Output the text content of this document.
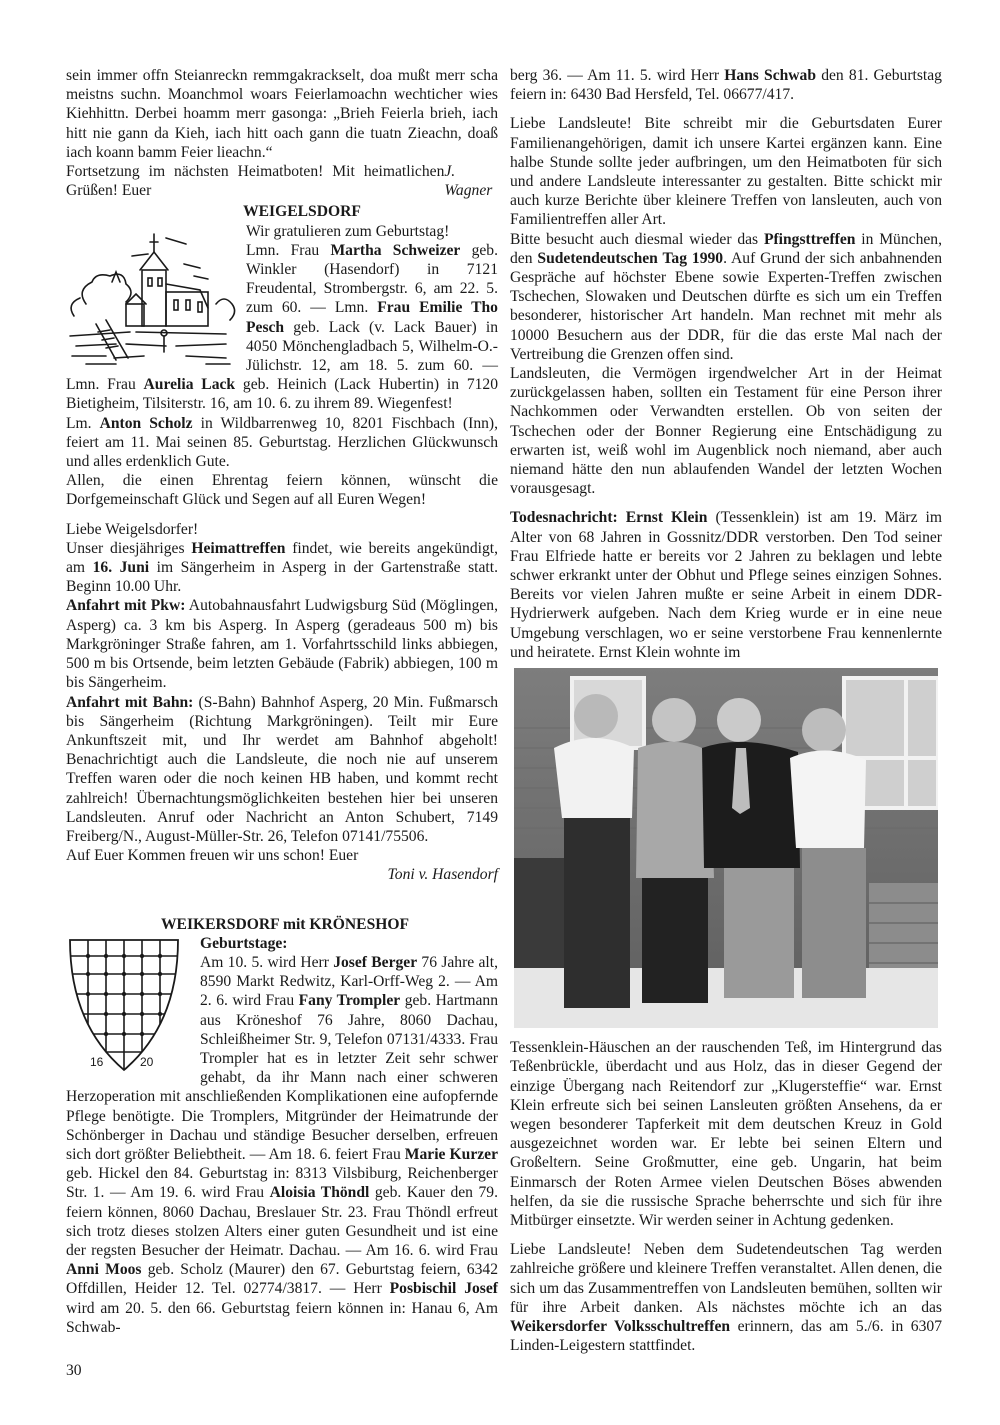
sein immer offn Steianreckn remmgakrackselt, doa mußt merr scha meistns suchn. Moanchmol woars Feierlamoachn wechticher wies Kiehhittn. Derbei hoamm merr gasonga: „Brieh Feierla brieh, iach hitt nie gann da Kieh, iach hitt oach gann die tuatn Zieachn, doaß iach koann bamm Feier lieachn.“

Fortsetzung im nächsten Heimatboten! Mit heimatlichen Grüßen! Euer
J. Wagner

WEIGELSDORF

Wir gratulieren zum Geburtstag!

Lmn. Frau Martha Schweizer geb. Winkler (Hasendorf) in 7121 Freudental, Strombergstr. 6, am 22. 5. zum 60. — Lmn. Frau Emilie Tho Pesch geb. Lack (v. Lack Bauer) in 4050 Mönchengladbach 5, Wilhelm-O.-Jülichstr. 12, am 18. 5. zum 60. — Lmn. Frau Aurelia Lack geb. Heinich (Lack Hubertin) in 7120 Bietigheim, Tilsiterstr. 16, am 10. 6. zu ihrem 89. Wiegenfest!

Lm. Anton Scholz in Wildbarrenweg 10, 8201 Fischbach (Inn), feiert am 11. Mai seinen 85. Geburtstag. Herzlichen Glückwunsch und alles erdenklich Gute.

Allen, die einen Ehrentag feiern können, wünscht die Dorfgemeinschaft Glück und Segen auf all Euren Wegen!

Liebe Weigelsdorfer!

Unser diesjähriges Heimattreffen findet, wie bereits angekündigt, am 16. Juni im Sängerheim in Asperg in der Gartenstraße statt. Beginn 10.00 Uhr.

Anfahrt mit Pkw: Autobahnausfahrt Ludwigsburg Süd (Möglingen, Asperg) ca. 3 km bis Asperg. In Asperg (geradeaus 500 m) bis Markgröninger Straße fahren, am 1. Vorfahrtsschild links abbiegen, 500 m bis Ortsende, beim letzten Gebäude (Fabrik) abbiegen, 100 m bis Sängerheim.

Anfahrt mit Bahn: (S-Bahn) Bahnhof Asperg, 20 Min. Fußmarsch bis Sängerheim (Richtung Markgröningen). Teilt mir Eure Ankunftszeit mit, und Ihr werdet am Bahnhof abgeholt! Benachrichtigt auch die Landsleute, die noch nie auf unserem Treffen waren oder die noch keinen HB haben, und kommt recht zahlreich! Übernachtungsmöglichkeiten bestehen hier bei unseren Landsleuten. Anruf oder Nachricht an Anton Schubert, 7149 Freiberg/N., August-Müller-Str. 26, Telefon 07141/75506.

Auf Euer Kommen freuen wir uns schon! Euer

Toni v. Hasendorf

WEIKERSDORF mit KRÖNESHOF
16	20

Geburtstage:

Am 10. 5. wird Herr Josef Berger 76 Jahre alt, 8590 Markt Redwitz, Karl-Orff-Weg 2. — Am 2. 6. wird Frau Fany Trompler geb. Hartmann aus Kröneshof 76 Jahre, 8060 Dachau, Schleißheimer Str. 9, Telefon 07131/4333. Frau Trompler hat es in letzter Zeit sehr schwer gehabt, da ihr Mann nach einer schweren Herzoperation mit anschließenden Komplikationen eine aufopfernde Pflege benötigte. Die Tromplers, Mitgründer der Heimatrunde der Schönberger in Dachau und ständige Besucher derselben, erfreuen sich dort größter Beliebtheit. — Am 18. 6. feiert Frau Marie Kurzer geb. Hickel den 84. Geburtstag in: 8313 Vilsbiburg, Reichenberger Str. 1. — Am 19. 6. wird Frau Aloisia Thöndl geb. Kauer den 79. feiern können, 8060 Dachau, Breslauer Str. 23. Frau Thöndl erfreut sich trotz dieses stolzen Alters einer guten Gesundheit und ist eine der regsten Besucher der Heimatr. Dachau. — Am 16. 6. wird Frau Anni Moos geb. Scholz (Maurer) den 67. Geburtstag feiern, 6342 Offdillen, Heider 12. Tel. 02774/3817. — Herr Posbischil Josef wird am 20. 5. den 66. Geburtstag feiern können in: Hanau 6, Am Schwab-

berg 36. — Am 11. 5. wird Herr Hans Schwab den 81. Geburtstag feiern in: 6430 Bad Hersfeld, Tel. 06677/417.

Liebe Landsleute! Bite schreibt mir die Geburtsdaten Eurer Familienangehörigen, damit ich unsere Kartei ergänzen kann. Eine halbe Stunde sollte jeder aufbringen, um den Heimatboten für sich und andere Landsleute interessanter zu gestalten. Bitte schickt mir auch kurze Berichte über kleinere Treffen von lansleuten, auch von Familientreffen aller Art.

Bitte besucht auch diesmal wieder das Pfingsttreffen in München, den Sudetendeutschen Tag 1990. Auf Grund der sich anbahnenden Gespräche auf höchster Ebene sowie Experten-Treffen zwischen Tschechen, Slowaken und Deutschen dürfte es sich um ein Treffen besonderer, historischer Art handeln. Man rechnet mit mehr als 10000 Besuchern aus der DDR, für die das erste Mal nach der Vertreibung die Grenzen offen sind.

Landsleuten, die Vermögen irgendwelcher Art in der Heimat zurückgelassen haben, sollten ein Testament für eine Person ihrer Nachkommen oder Verwandten erstellen. Ob von seiten der Tschechen oder der Bonner Regierung eine Entschädigung zu erwarten ist, weiß wohl im Augenblick noch niemand, aber auch niemand hätte den nun ablaufenden Wandel der letzten Wochen vorausgesagt.

Todesnachricht: Ernst Klein (Tessenklein) ist am 19. März im Alter von 68 Jahren in Gossnitz/DDR verstorben. Den Tod seiner Frau Elfriede hatte er bereits vor 2 Jahren zu beklagen und lebte schwer erkrankt unter der Obhut und Pflege seines einzigen Sohnes. Bereits vor vielen Jahren mußte er seine Arbeit in einem DDR-Hydrierwerk aufgeben. Nach dem Krieg wurde er in eine neue Umgebung verschlagen, wo er seine verstorbene Frau kennenlernte und heiratete. Ernst Klein wohnte im

Tessenklein-Häuschen an der rauschenden Teß, im Hintergrund das Teßenbrückle, überdacht und aus Holz, das in dieser Gegend der einzige Übergang nach Reitendorf zur „Klugersteffie“ war. Ernst Klein erfreute sich bei seinen Lansleuten größten Ansehens, da er wegen besonderer Tapferkeit mit dem deutschen Kreuz in Gold ausgezeichnet worden war. Er lebte bei seinen Eltern und Großeltern. Seine Großmutter, eine geb. Ungarin, hat beim Einmarsch der Roten Armee vielen Deutschen Böses abwenden helfen, da sie die russische Sprache beherrschte und sich für ihre Mitbürger einsetzte. Wir werden seiner in Achtung gedenken.

Liebe Landsleute! Neben dem Sudetendeutschen Tag werden zahlreiche größere und kleinere Treffen veranstaltet. Allen denen, die sich um das Zusammentreffen von Landsleuten bemühen, sollten wir für ihre Arbeit danken. Als nächstes möchte ich an das Weikersdorfer Volksschultreffen erinnern, das am 5./6. in 6307 Linden-Leigestern stattfindet.

30
